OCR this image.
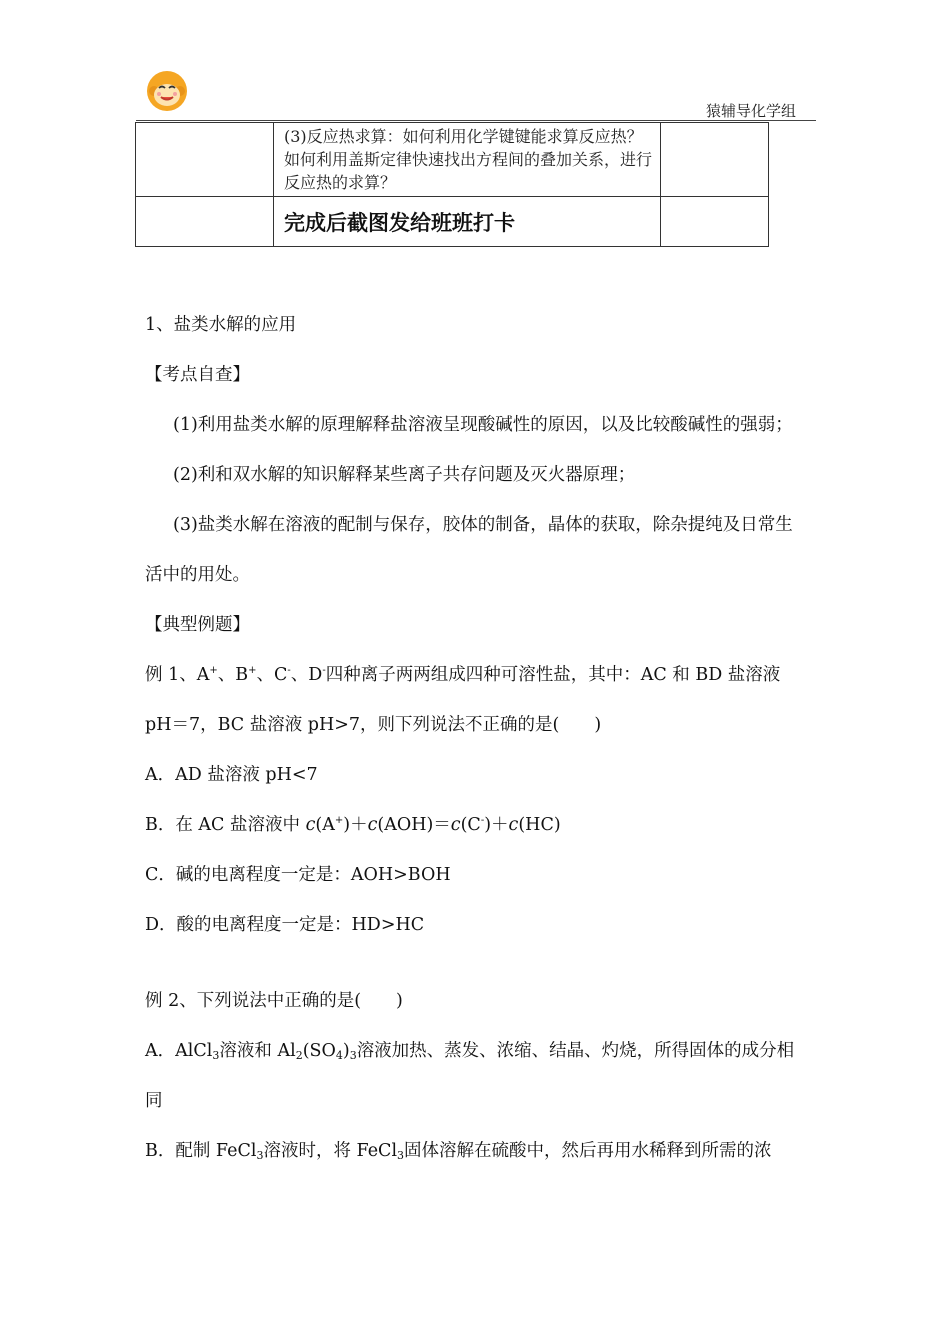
猿辅导化学组

	(3)反应热求算：如何利用化学键键能求算反应热？如何利用盖斯定律快速找出方程间的叠加关系，进行反应热的求算？	

	完成后截图发给班班打卡	

1、盐类水解的应用

【考点自查】

(1)利用盐类水解的原理解释盐溶液呈现酸碱性的原因，以及比较酸碱性的强弱；

(2)利和双水解的知识解释某些离子共存问题及灭火器原理；

(3)盐类水解在溶液的配制与保存，胶体的制备，晶体的获取，除杂提纯及日常生活中的用处。

【典型例题】

例 1、A+、B+、C-、D-四种离子两两组成四种可溶性盐，其中：AC 和 BD 盐溶液 pH＝7，BC 盐溶液 pH>7，则下列说法不正确的是(　　)

A．AD 盐溶液 pH<7

B．在 AC 盐溶液中 c(A+)＋c(AOH)＝c(C-)＋c(HC)

C．碱的电离程度一定是：AOH>BOH

D．酸的电离程度一定是：HD>HC

例 2、下列说法中正确的是(　　)

A．AlCl$_3$溶液和 $Al_2(SO_4)_3$溶液加热、蒸发、浓缩、结晶、灼烧，所得固体的成分相同

B．配制 FeCl$_3$溶液时，将 FeCl$_3$固体溶解在硫酸中，然后再用水稀释到所需的浓
